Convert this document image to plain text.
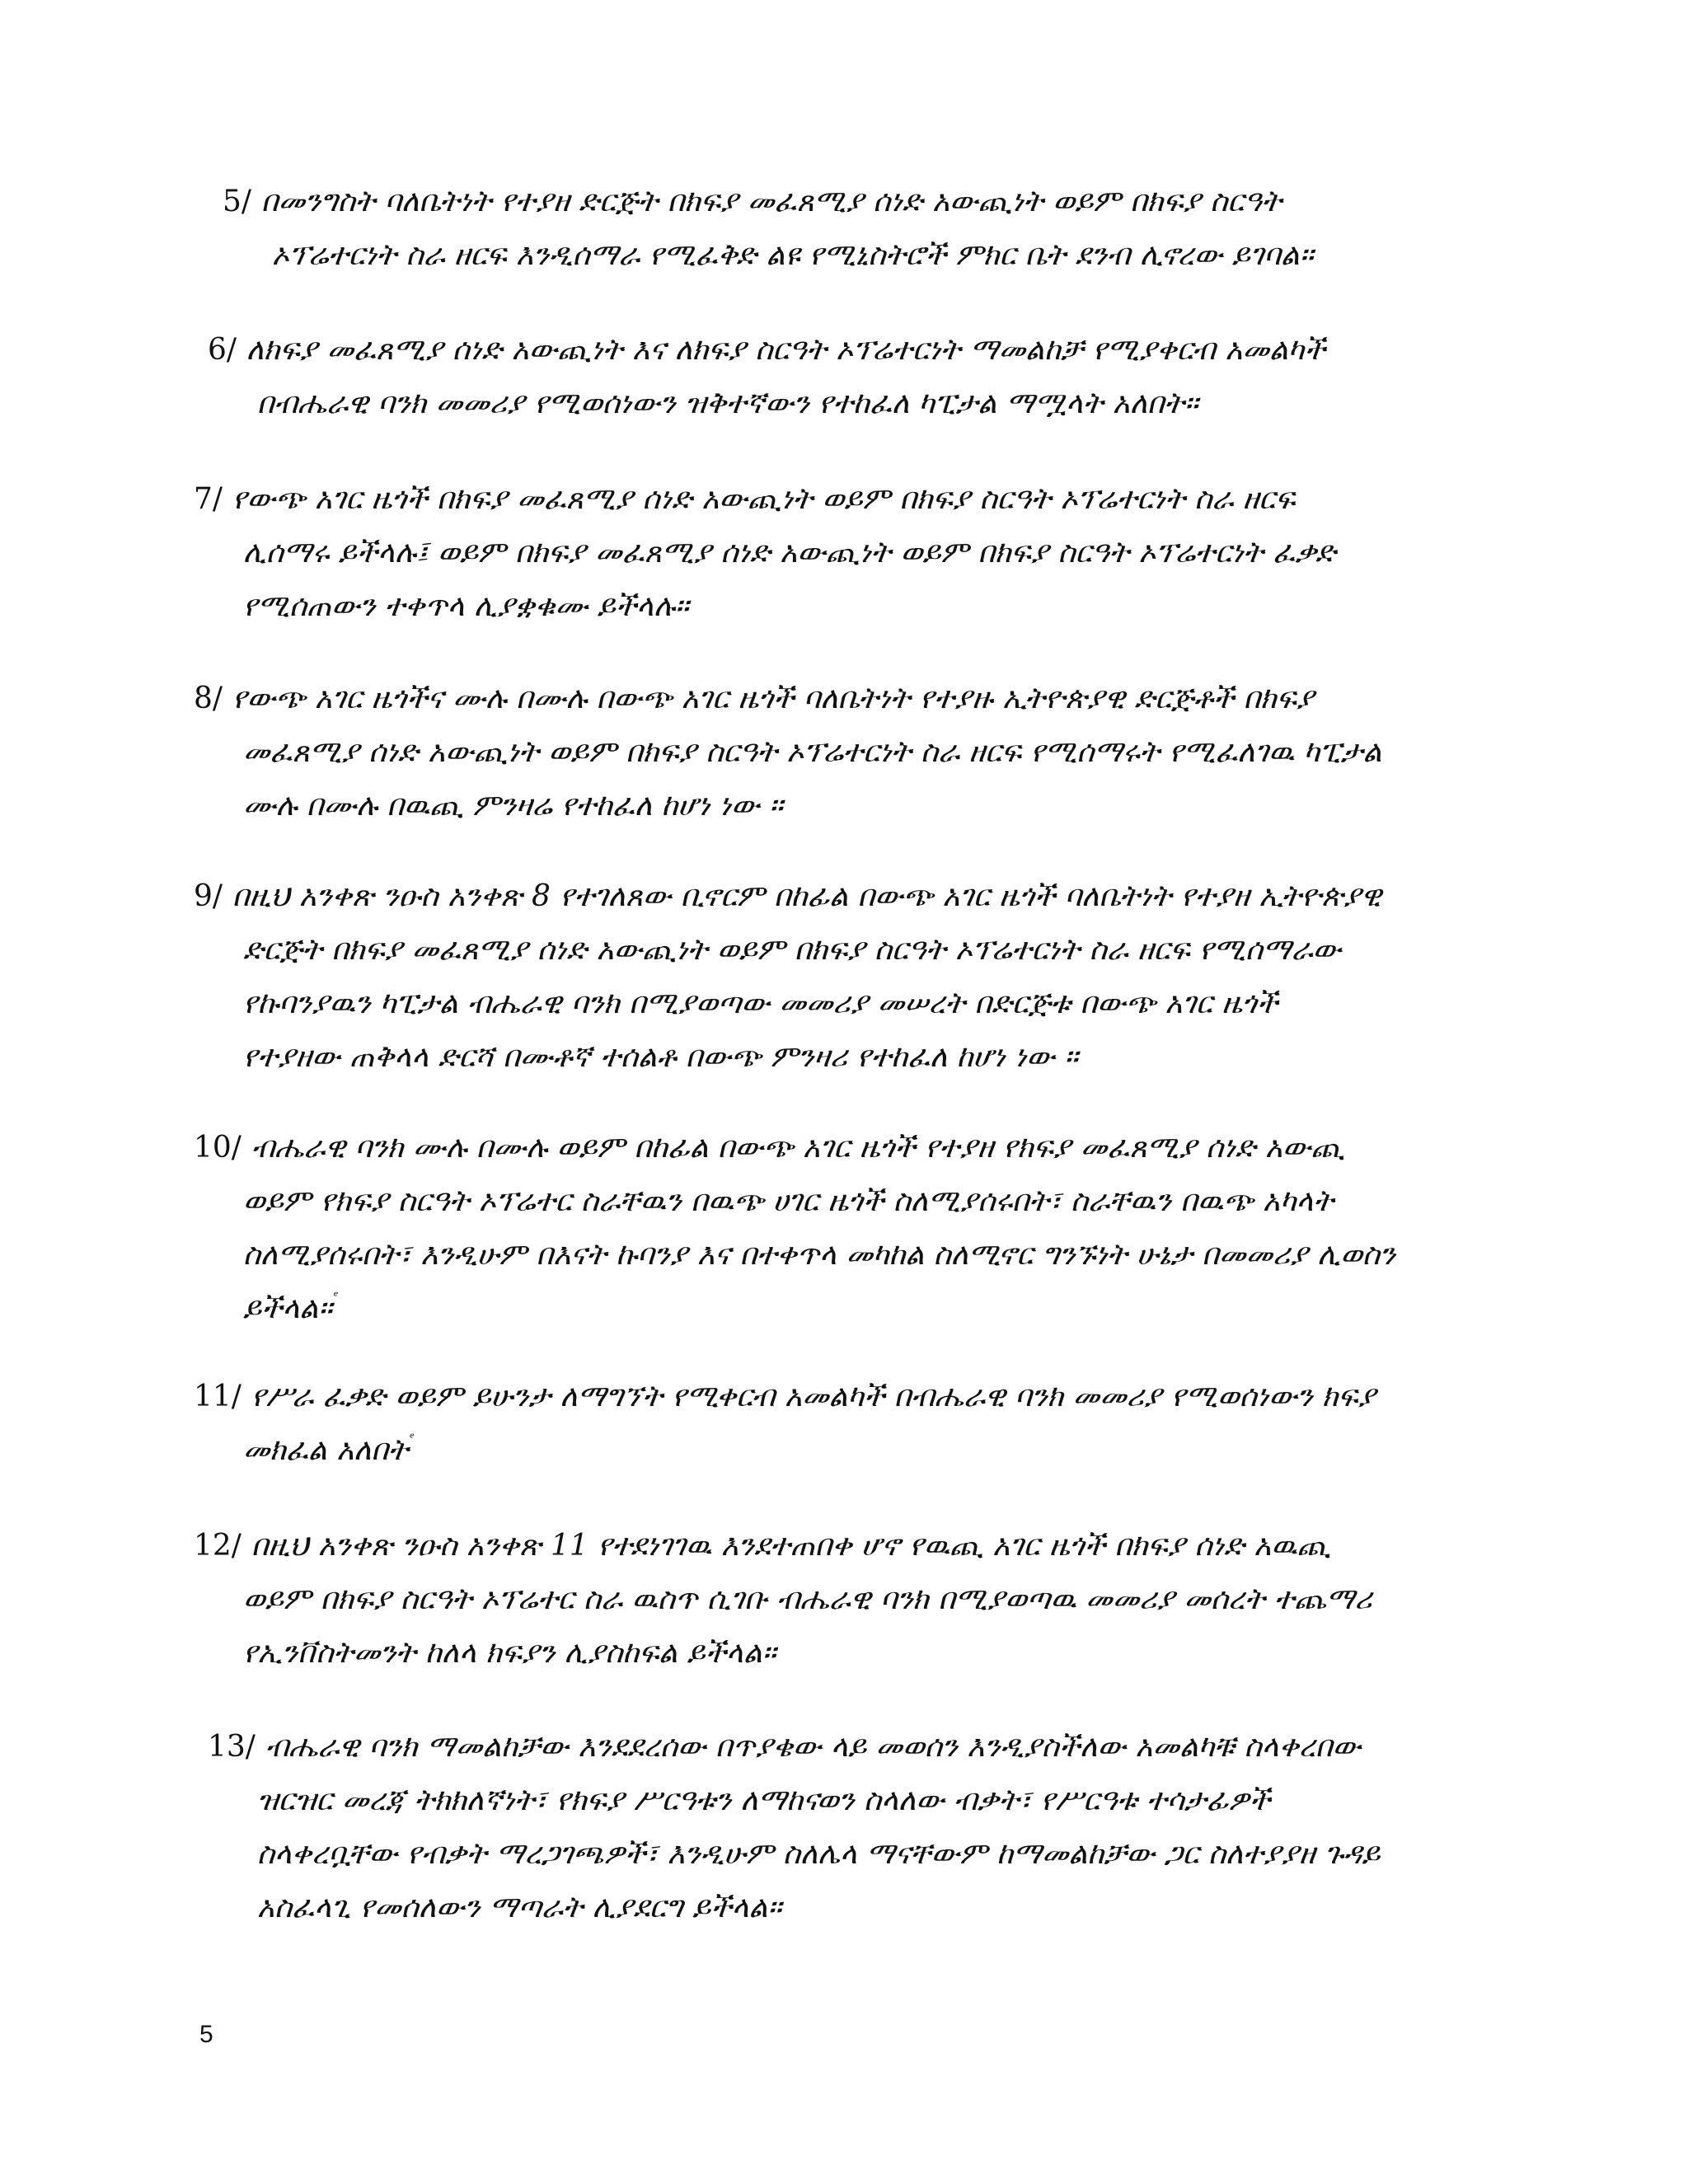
5/ በመንግስት ባለቤትነት የተያዘ ድርጅት በክፍያ መፈጸሚያ ሰነድ አውጪነት ወይም በክፍያ ስርዓት
ኦፕሬተርነት ስራ ዘርፍ እንዲሰማራ የሚፈቅድ ልዩ የሚኒስትሮች ምክር ቤት ደንብ ሊኖረው ይገባል።
6/ ለክፍያ መፈጸሚያ ሰነድ አውጪነት እና ለክፍያ ስርዓት ኦፕሬተርነት ማመልከቻ የሚያቀርብ አመልካች
በብሔራዊ ባንክ መመሪያ የሚወሰነውን ዝቅተኛውን የተከፈለ ካፒታል ማሟላት አለበት።
7/ የውጭ አገር ዜጎች በክፍያ መፈጸሚያ ሰነድ አውጪነት ወይም በክፍያ ስርዓት ኦፕሬተርነት ስራ ዘርፍ
ሊሰማሩ ይችላሉ፤ ወይም በክፍያ መፈጸሚያ ሰነድ አውጪነት ወይም በክፍያ ስርዓት ኦፕሬተርነት ፈቃድ
የሚሰጠውን ተቀጥላ ሊያቋቁሙ ይችላሉ።
8/ የውጭ አገር ዜጎችና ሙሉ በሙሉ በውጭ አገር ዜጎች ባለቤትነት የተያዙ ኢትዮጵያዊ ድርጅቶች በክፍያ
መፈጸሚያ ሰነድ አውጪነት ወይም በክፍያ ስርዓት ኦፕሬተርነት ስራ ዘርፍ የሚሰማሩት የሚፈለገዉ ካፒታል
ሙሉ በሙሉ በዉጪ ምንዛሬ የተከፈለ ከሆነ ነው ።
9/ በዚህ አንቀጽ ንዑስ አንቀጽ 8 የተገለጸው ቢኖርም በከፊል በውጭ አገር ዜጎች ባለቤትነት የተያዘ ኢትዮጵያዊ
ድርጅት በክፍያ መፈጸሚያ ሰነድ አውጪነት ወይም በክፍያ ስርዓት ኦፕሬተርነት ስራ ዘርፍ የሚሰማራው
የኩባንያዉን ካፒታል ብሔራዊ ባንክ በሚያወጣው መመሪያ መሠረት በድርጅቱ በውጭ አገር ዜጎች
የተያዘው ጠቅላላ ድርሻ በሙቶኛ ተሰልቶ በውጭ ምንዛሪ የተከፈለ ከሆነ ነው ።
10/ ብሔራዊ ባንክ ሙሉ በሙሉ ወይም በከፊል በውጭ አገር ዜጎች የተያዘ የክፍያ መፈጸሚያ ሰነድ አውጪ
ወይም የክፍያ ስርዓት ኦፕሬተር ስራቸዉን በዉጭ ሀገር ዜጎች ስለሚያሰሩበት፣ ስራቸዉን በዉጭ አካላት
ስለሚያሰሩበት፣ እንዲሁም በእናት ኩባንያ እና በተቀጥላ መካከል ስለሚኖር ግንኙነት ሁኔታ በመመሪያ ሊወስን
ይችላል።
11/ የሥራ ፈቃድ ወይም ይሁንታ ለማግኘት የሚቀርብ አመልካች በብሔራዊ ባንክ መመሪያ የሚወሰነውን ክፍያ
መክፈል አለበት
12/ በዚህ አንቀጽ ንዑስ አንቀጽ 11 የተደነገገዉ እንደተጠበቀ ሆኖ የዉጪ አገር ዜጎች በክፍያ ሰነድ አዉጪ
ወይም በክፍያ ስርዓት ኦፕሬተር ስራ ዉስጥ ሲገቡ ብሔራዊ ባንክ በሚያወጣዉ መመሪያ መሰረት ተጨማሪ
የኢንቨስትመንት ከለላ ክፍያን ሊያስከፍል ይችላል።
13/ ብሔራዊ ባንክ ማመልከቻው እንደደረሰው በጥያቄው ላይ መወሰን እንዲያስችለው አመልካቹ ስላቀረበው
ዝርዝር መረጃ ትክክለኛነት፣ የክፍያ ሥርዓቱን ለማከናወን ስላለው ብቃት፣ የሥርዓቱ ተሳታፊዎች
ስላቀረቧቸው የብቃት ማረጋገጫዎች፣ እንዲሁም ስለሌላ ማናቸውም ከማመልከቻው ጋር ስለተያያዘ ጉዳይ
አስፈላጊ የመሰለውን ማጣራት ሊያደርግ ይችላል።
5
